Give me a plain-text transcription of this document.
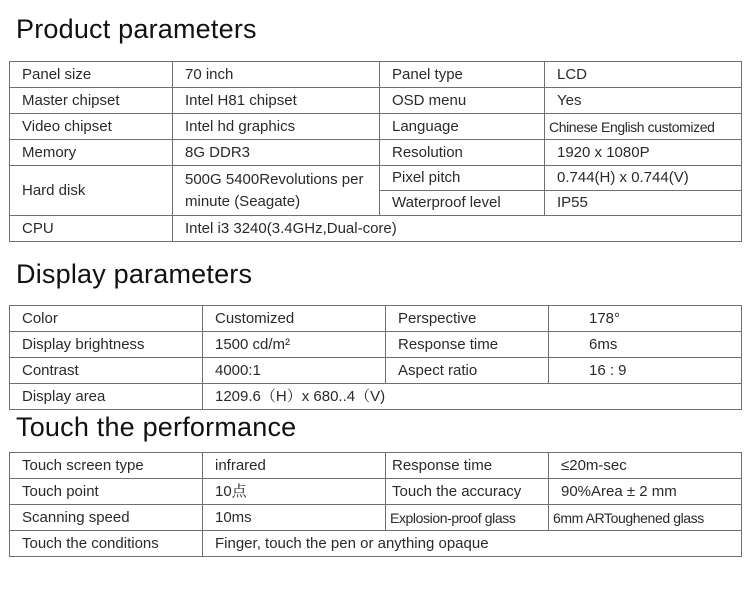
Product parameters
Panel size	70 inch	Panel type	LCD
Master chipset	Intel H81 chipset	OSD menu	Yes
Video chipset	Intel hd graphics	Language	Chinese English customized
Memory	8G DDR3	Resolution	1920 x 1080P
Hard disk	500G 5400Revolutions per minute (Seagate)	Pixel pitch	0.744(H) x 0.744(V)
		Waterproof level	IP55
CPU	Intel i3 3240(3.4GHz,Dual-core)		
Display parameters
Color	Customized	Perspective	178°
Display brightness	1500 cd/m²	Response time	6ms
Contrast	4000:1	Aspect ratio	16 : 9
Display area	1209.6（H）x 680..4（V)		
Touch the performance
Touch screen type	infrared	Response time	≤20m-sec
Touch point	10点	Touch the accuracy	90%Area ± 2 mm
Scanning speed	10ms	Explosion-proof glass	6mm ARToughened glass
Touch the conditions	Finger, touch the pen or anything opaque		
